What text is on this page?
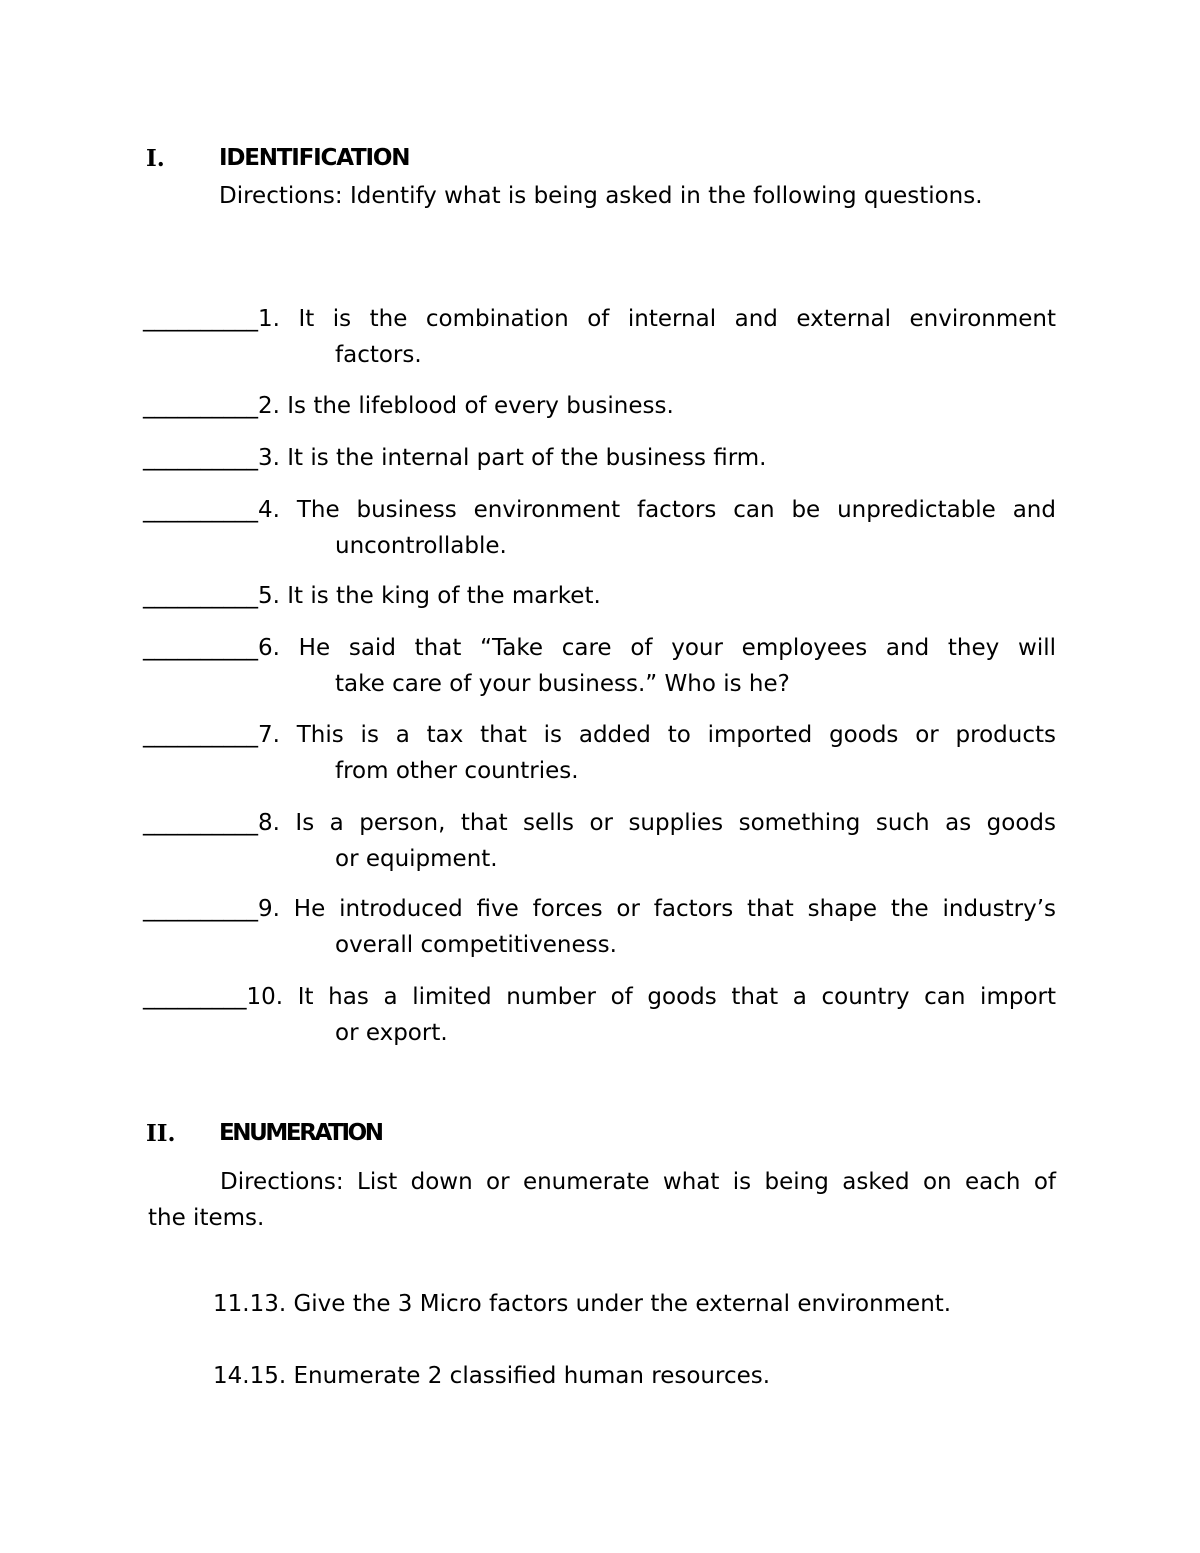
I. IDENTIFICATION
Directions: Identify what is being asked in the following questions.
__________1. It is the combination of internal and external environment
factors.
__________2. Is the lifeblood of every business.
__________3. It is the internal part of the business firm.
__________4. The business environment factors can be unpredictable and
uncontrollable.
__________5. It is the king of the market.
__________6. He said that “Take care of your employees and they will
take care of your business.” Who is he?
__________7. This is a tax that is added to imported goods or products
from other countries.
__________8. Is a person, that sells or supplies something such as goods
or equipment.
__________9. He introduced five forces or factors that shape the industry’s
overall competitiveness.
_________10. It has a limited number of goods that a country can import
or export.
II. ENUMERATION
Directions: List down or enumerate what is being asked on each of
the items.
11.13. Give the 3 Micro factors under the external environment.
14.15. Enumerate 2 classified human resources.
